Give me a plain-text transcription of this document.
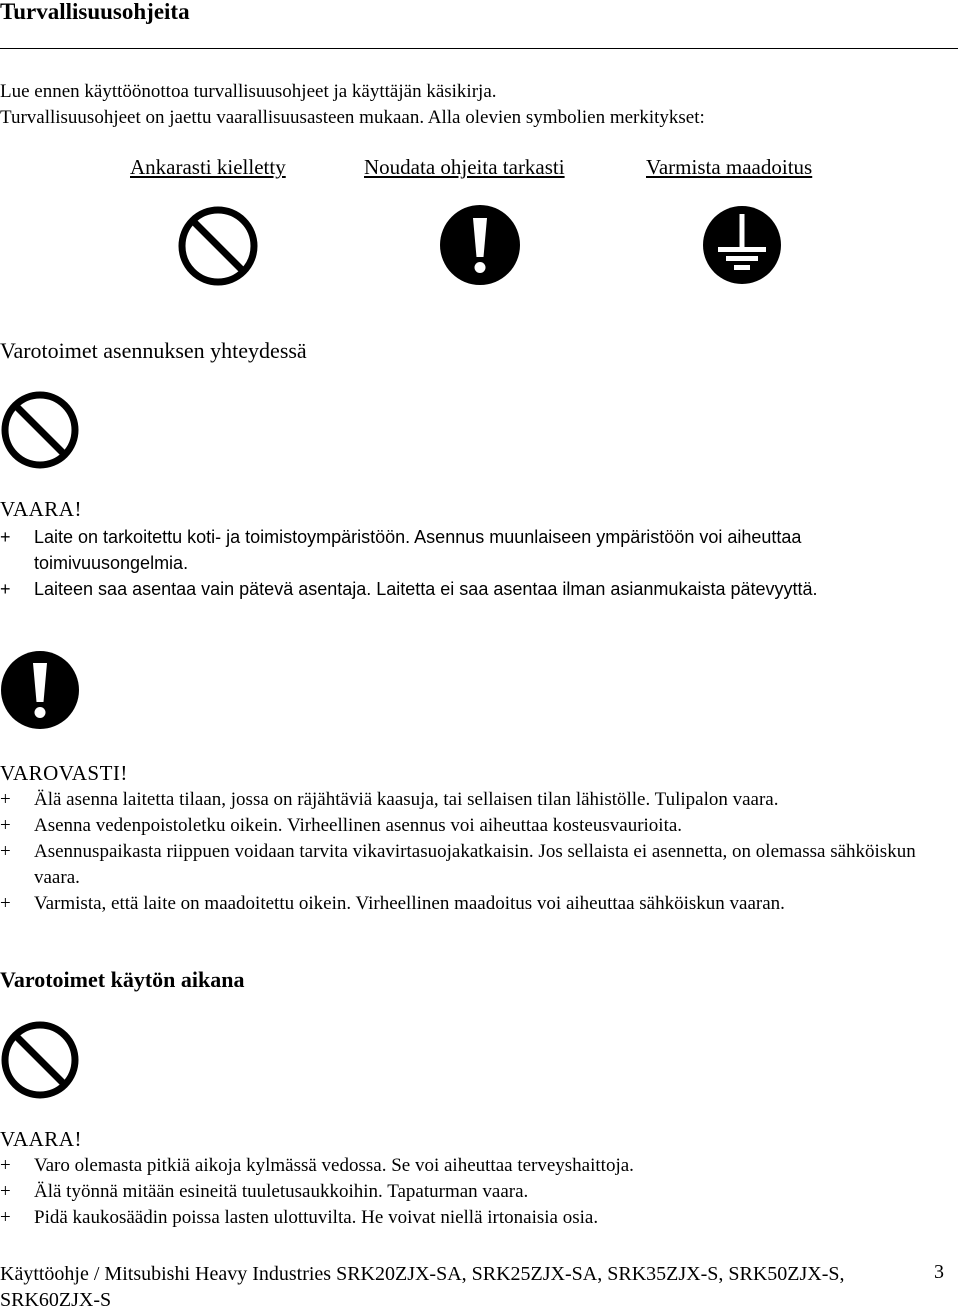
Turvallisuusohjeita
Lue ennen käyttöönottoa turvallisuusohjeet ja käyttäjän käsikirja.
Turvallisuusohjeet on jaettu vaarallisuusasteen mukaan. Alla olevien symbolien merkitykset:
Ankarasti kielletty	Noudata ohjeita tarkasti	Varmista maadoitus
Varotoimet asennuksen yhteydessä
VAARA!
+	Laite on tarkoitettu koti- ja toimistoympäristöön. Asennus muunlaiseen ympäristöön voi aiheuttaa toimivuusongelmia.
+	Laiteen saa asentaa vain pätevä asentaja. Laitetta ei saa asentaa ilman asianmukaista pätevyyttä.
VAROVASTI!
+	Älä asenna laitetta tilaan, jossa on räjähtäviä kaasuja, tai sellaisen tilan lähistölle. Tulipalon vaara.
+	Asenna vedenpoistoletku oikein. Virheellinen asennus voi aiheuttaa kosteusvaurioita.
+	Asennuspaikasta riippuen voidaan tarvita vikavirtasuojakatkaisin. Jos sellaista ei asennetta, on olemassa sähköiskun vaara.
+	Varmista, että laite on maadoitettu oikein. Virheellinen maadoitus voi aiheuttaa sähköiskun vaaran.
Varotoimet käytön aikana
VAARA!
+	Varo olemasta pitkiä aikoja kylmässä vedossa. Se voi aiheuttaa terveyshaittoja.
+	Älä työnnä mitään esineitä tuuletusaukkoihin. Tapaturman vaara.
+	Pidä kaukosäädin poissa lasten ulottuvilta. He voivat niellä irtonaisia osia.
Käyttöohje / Mitsubishi Heavy Industries SRK20ZJX-SA, SRK25ZJX-SA, SRK35ZJX-S, SRK50ZJX-S, SRK60ZJX-S
3
